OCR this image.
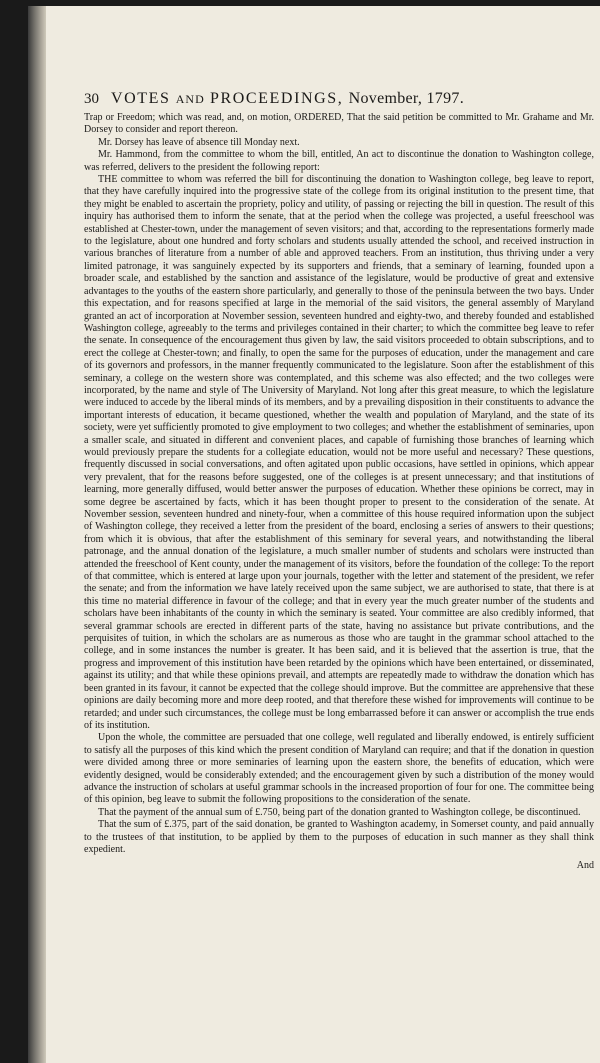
30 VOTES
AND
PROCEEDINGS,
November, 1797.

Trap or Freedom; which was read, and, on motion, ORDERED, That the said petition be committed to Mr. Grahame and Mr. Dorsey to consider and report thereon.

Mr. Dorsey has leave of absence till Monday next.

Mr. Hammond, from the committee to whom the bill, entitled, An act to discontinue the donation to Washington college, was referred, delivers to the president the following report:

THE committee to whom was referred the bill for discontinuing the donation to Washington college, beg leave to report, that they have carefully inquired into the progressive state of the college from its original institution to the present time, that they might be enabled to ascertain the propriety, policy and utility, of passing or rejecting the bill in question. The result of this inquiry has authorised them to inform the senate, that at the period when the college was projected, a useful freeschool was established at Chester-town, under the management of seven visitors; and that, according to the representations formerly made to the legislature, about one hundred and forty scholars and students usually attended the school, and received instruction in various branches of literature from a number of able and approved teachers. From an institution, thus thriving under a very limited patronage, it was sanguinely expected by its supporters and friends, that a seminary of learning, founded upon a broader scale, and established by the sanction and assistance of the legislature, would be productive of great and extensive advantages to the youths of the eastern shore particularly, and generally to those of the peninsula between the two bays. Under this expectation, and for reasons specified at large in the memorial of the said visitors, the general assembly of Maryland granted an act of incorporation at November session, seventeen hundred and eighty-two, and thereby founded and established Washington college, agreeably to the terms and privileges contained in their charter; to which the committee beg leave to refer the senate. In consequence of the encouragement thus given by law, the said visitors proceeded to obtain subscriptions, and to erect the college at Chester-town; and finally, to open the same for the purposes of education, under the management and care of its governors and professors, in the manner frequently communicated to the legislature. Soon after the establishment of this seminary, a college on the western shore was contemplated, and this scheme was also effected; and the two colleges were incorporated, by the name and style of The University of Maryland. Not long after this great measure, to which the legislature were induced to accede by the liberal minds of its members, and by a prevailing disposition in their constituents to advance the important interests of education, it became questioned, whether the wealth and population of Maryland, and the state of its society, were yet sufficiently promoted to give employment to two colleges; and whether the establishment of seminaries, upon a smaller scale, and situated in different and convenient places, and capable of furnishing those branches of learning which would previously prepare the students for a collegiate education, would not be more useful and necessary? These questions, frequently discussed in social conversations, and often agitated upon public occasions, have settled in opinions, which appear very prevalent, that for the reasons before suggested, one of the colleges is at present unnecessary; and that institutions of learning, more generally diffused, would better answer the purposes of education. Whether these opinions be correct, may in some degree be ascertained by facts, which it has been thought proper to present to the consideration of the senate. At November session, seventeen hundred and ninety-four, when a committee of this house required information upon the subject of Washington college, they received a letter from the president of the board, enclosing a series of answers to their questions; from which it is obvious, that after the establishment of this seminary for several years, and notwithstanding the liberal patronage, and the annual donation of the legislature, a much smaller number of students and scholars were instructed than attended the freeschool of Kent county, under the management of its visitors, before the foundation of the college: To the report of that committee, which is entered at large upon your journals, together with the letter and statement of the president, we refer the senate; and from the information we have lately received upon the same subject, we are authorised to state, that there is at this time no material difference in favour of the college; and that in every year the much greater number of the students and scholars have been inhabitants of the county in which the seminary is seated. Your committee are also credibly informed, that several grammar schools are erected in different parts of the state, having no assistance but private contributions, and the perquisites of tuition, in which the scholars are as numerous as those who are taught in the grammar school attached to the college, and in some instances the number is greater. It has been said, and it is believed that the assertion is true, that the progress and improvement of this institution have been retarded by the opinions which have been entertained, or disseminated, against its utility; and that while these opinions prevail, and attempts are repeatedly made to withdraw the donation which has been granted in its favour, it cannot be expected that the college should improve. But the committee are apprehensive that these opinions are daily becoming more and more deep rooted, and that therefore these wished for improvements will continue to be retarded; and under such circumstances, the college must be long embarrassed before it can answer or accomplish the true ends of its institution.

Upon the whole, the committee are persuaded that one college, well regulated and liberally endowed, is entirely sufficient to satisfy all the purposes of this kind which the present condition of Maryland can require; and that if the donation in question were divided among three or more seminaries of learning upon the eastern shore, the benefits of education, which were evidently designed, would be considerably extended; and the encouragement given by such a distribution of the money would advance the instruction of scholars at useful grammar schools in the increased proportion of four for one. The committee being of this opinion, beg leave to submit the following propositions to the consideration of the senate.

That the payment of the annual sum of £.750, being part of the donation granted to Washington college, be discontinued.

That the sum of £.375, part of the said donation, be granted to Washington academy, in Somerset county, and paid annually to the trustees of that institution, to be applied by them to the purposes of education in such manner as they shall think expedient.

And
